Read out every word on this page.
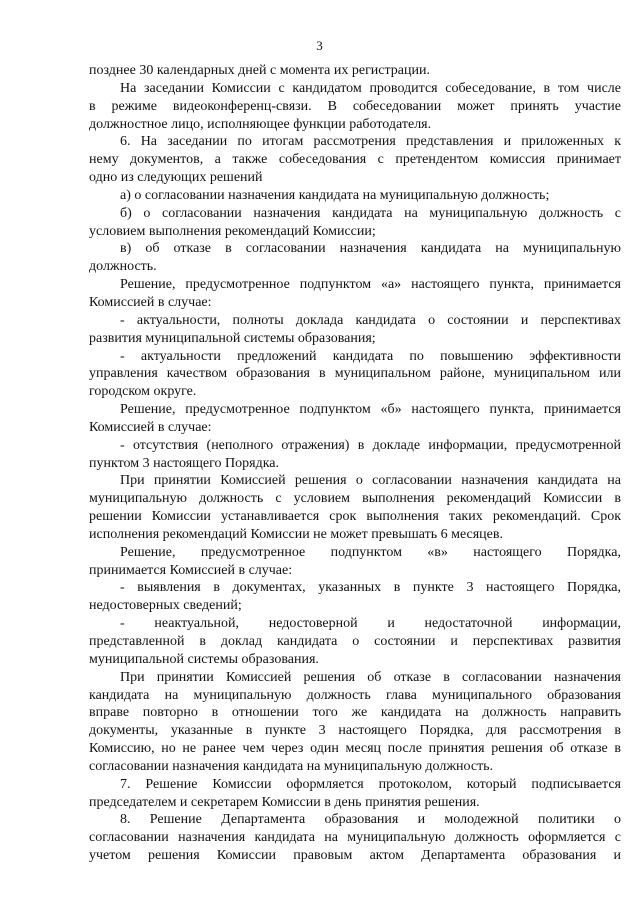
3
позднее 30 календарных дней с момента их регистрации.
На заседании Комиссии с кандидатом проводится собеседование, в том числе
в режиме видеоконференц-связи. В собеседовании может принять участие
должностное лицо, исполняющее функции работодателя.
6. На заседании по итогам рассмотрения представления и приложенных к
нему документов, а также собеседования с претендентом комиссия принимает
одно из следующих решений
а) о согласовании назначения кандидата на муниципальную должность;
б) о согласовании назначения кандидата на муниципальную должность с
условием выполнения рекомендаций Комиссии;
в) об отказе в согласовании назначения кандидата на муниципальную
должность.
Решение, предусмотренное подпунктом «а» настоящего пункта, принимается
Комиссией в случае:
- актуальности, полноты доклада кандидата о состоянии и перспективах
развития муниципальной системы образования;
- актуальности предложений кандидата по повышению эффективности
управления качеством образования в муниципальном районе, муниципальном или
городском округе.
Решение, предусмотренное подпунктом «б» настоящего пункта, принимается
Комиссией в случае:
- отсутствия (неполного отражения) в докладе информации, предусмотренной
пунктом 3 настоящего Порядка.
При принятии Комиссией решения о согласовании назначения кандидата на
муниципальную должность с условием выполнения рекомендаций Комиссии в
решении Комиссии устанавливается срок выполнения таких рекомендаций. Срок
исполнения рекомендаций Комиссии не может превышать 6 месяцев.
Решение, предусмотренное подпунктом «в» настоящего Порядка,
принимается Комиссией в случае:
- выявления в документах, указанных в пункте 3 настоящего Порядка,
недостоверных сведений;
- неактуальной, недостоверной и недостаточной информации,
представленной в доклад кандидата о состоянии и перспективах развития
муниципальной системы образования.
При принятии Комиссией решения об отказе в согласовании назначения
кандидата на муниципальную должность глава муниципального образования
вправе повторно в отношении того же кандидата на должность направить
документы, указанные в пункте 3 настоящего Порядка, для рассмотрения в
Комиссию, но не ранее чем через один месяц после принятия решения об отказе в
согласовании назначения кандидата на муниципальную должность.
7. Решение Комиссии оформляется протоколом, который подписывается
председателем и секретарем Комиссии в день принятия решения.
8. Решение Департамента образования и молодежной политики о
согласовании назначения кандидата на муниципальную должность оформляется с
учетом решения Комиссии правовым актом Департамента образования и
